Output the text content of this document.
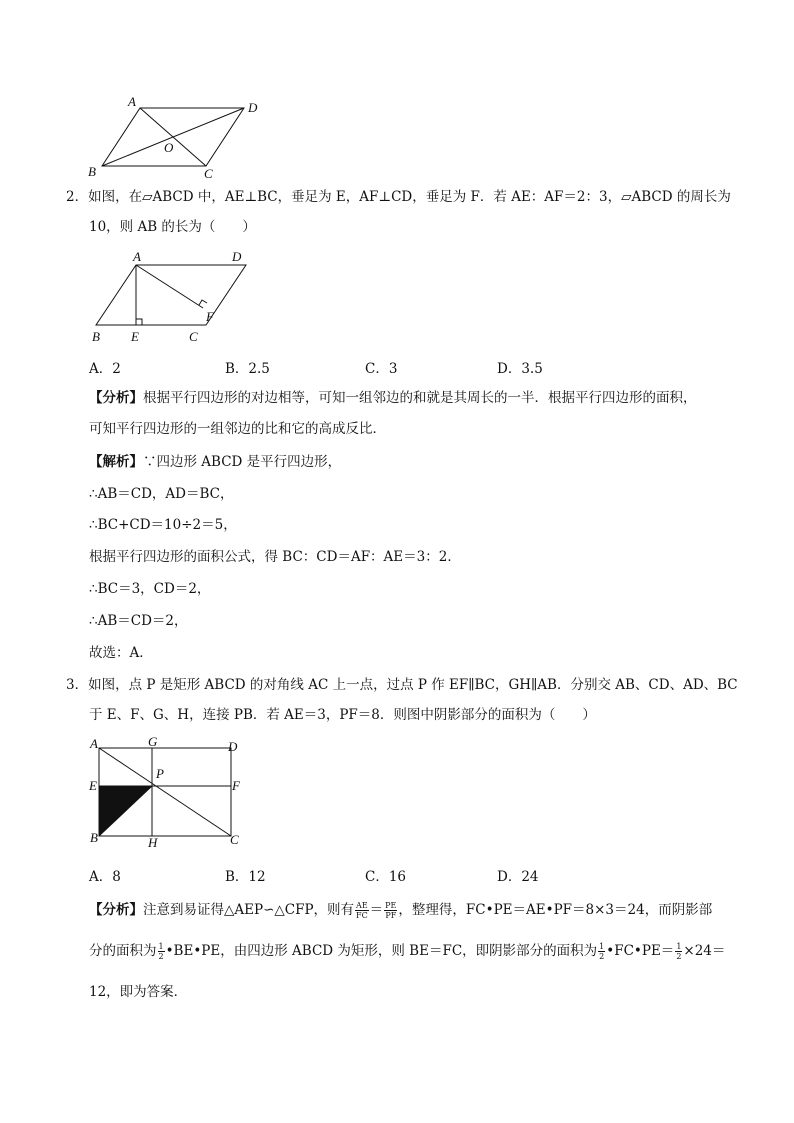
A	D
O
B	C
2．如图，在▱ABCD 中，AE⊥BC，垂足为 E，AF⊥CD，垂足为 F．若 AE：AF＝2：3，▱ABCD 的周长为
10，则 AB 的长为（　　）
A	D
F
B E	C
A．2	B．2.5	C．3	D．3.5
【分析】根据平行四边形的对边相等，可知一组邻边的和就是其周长的一半．根据平行四边形的面积，
可知平行四边形的一组邻边的比和它的高成反比．
【解析】∵四边形 ABCD 是平行四边形，
∴AB＝CD，AD＝BC，
∴BC+CD＝10÷2＝5，
根据平行四边形的面积公式，得 BC：CD＝AF：AE＝3：2．
∴BC＝3，CD＝2，
∴AB＝CD＝2，
故选：A．
3．如图，点 P 是矩形 ABCD 的对角线 AC 上一点，过点 P 作 EF∥BC，GH∥AB．分别交 AB、CD、AD、BC
于 E、F、G、H，连接 PB．若 AE＝3，PF＝8．则图中阴影部分的面积为（　　）
A	G	D
P
E	F
B	H	C
A．8	B．12	C．16	D．24
【分析】注意到易证得△AEP∽△CFP，则有 $\frac{AE}{FC} = \frac{PE}{PF}$ ，整理得，FC•PE＝AE•PF＝8×3＝24，而阴影部
分的面积为 $\frac{1}{2}$ •BE•PE，由四边形 ABCD 为矩形，则 BE＝FC，即阴影部分的面积为 $\frac{1}{2}$ •FC•PE＝ $\frac{1}{2} \times 24=$
12，即为答案．
